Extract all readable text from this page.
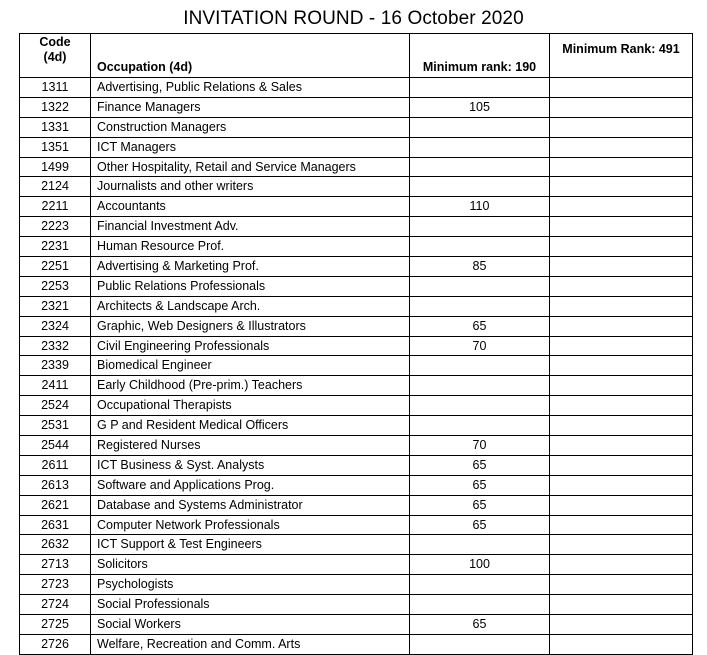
INVITATION ROUND - 16 October 2020
Code
(4d)	Occupation (4d)	Minimum rank: 190	Minimum Rank: 491
1311	Advertising, Public Relations & Sales		
1322	Finance Managers	105	
1331	Construction Managers		
1351	ICT Managers		
1499	Other Hospitality, Retail and Service Managers		
2124	Journalists and other writers		
2211	Accountants	110	
2223	Financial Investment Adv.		
2231	Human Resource Prof.		
2251	Advertising & Marketing Prof.	85	
2253	Public Relations Professionals		
2321	Architects & Landscape Arch.		
2324	Graphic, Web Designers & Illustrators	65	
2332	Civil Engineering Professionals	70	
2339	Biomedical Engineer		
2411	Early Childhood (Pre-prim.) Teachers		
2524	Occupational Therapists		
2531	G P and Resident Medical Officers		
2544	Registered Nurses	70	
2611	ICT Business & Syst. Analysts	65	
2613	Software and Applications Prog.	65	
2621	Database and Systems Administrator	65	
2631	Computer Network Professionals	65	
2632	ICT Support & Test Engineers		
2713	Solicitors	100	
2723	Psychologists		
2724	Social Professionals		
2725	Social Workers	65	
2726	Welfare, Recreation and Comm. Arts		
